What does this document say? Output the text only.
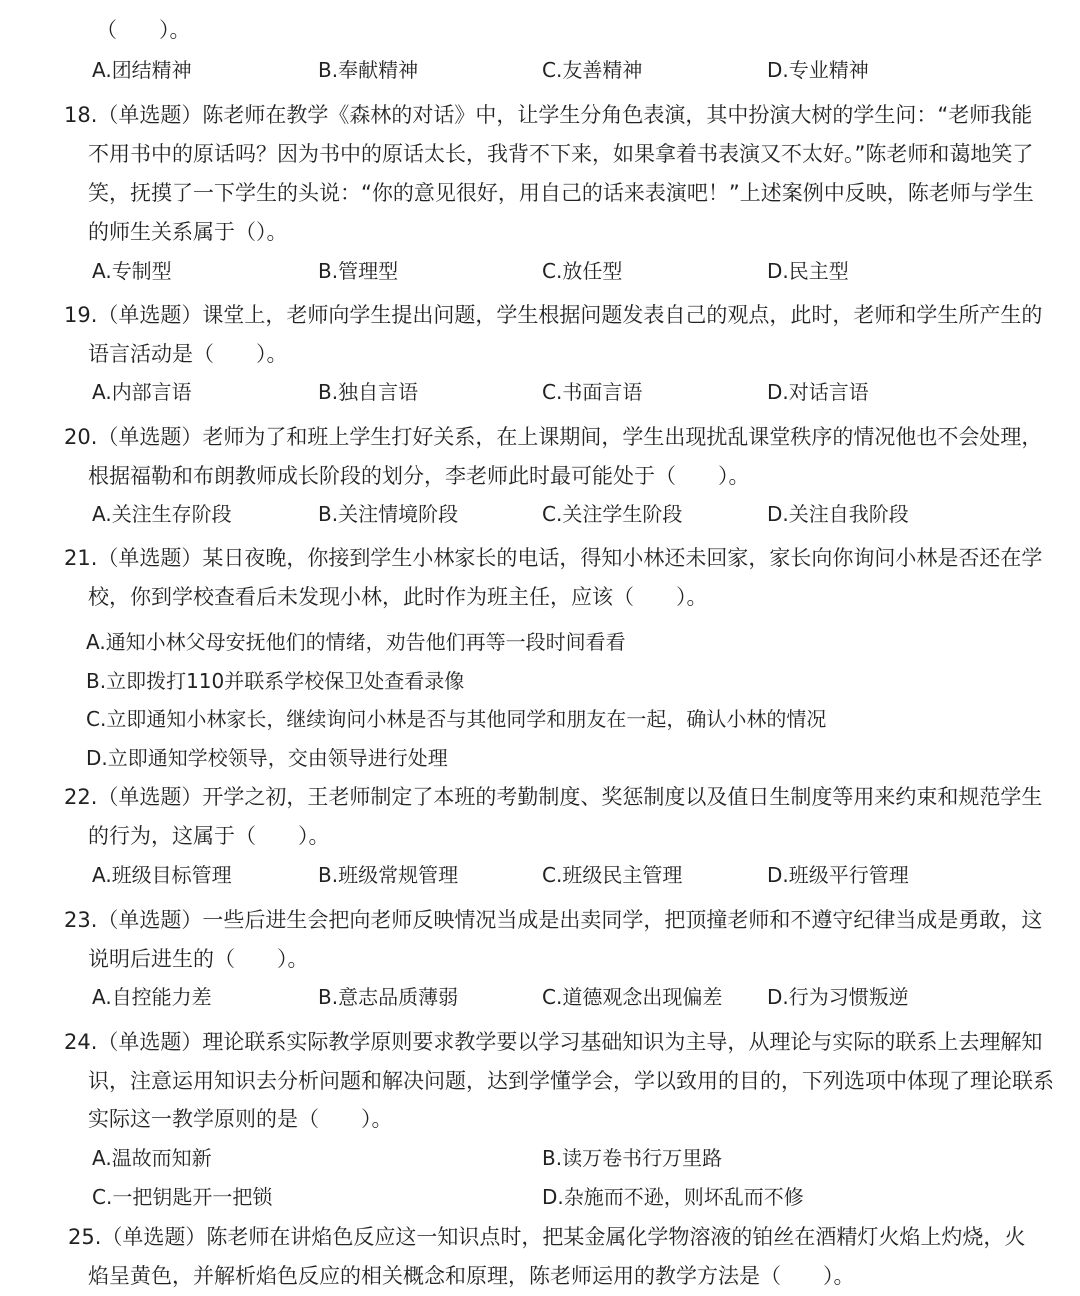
（　　）。
A.团结精神	B.奉献精神	C.友善精神	D.专业精神
18.（单选题）陈老师在教学《森林的对话》中，让学生分角色表演，其中扮演大树的学生问：“老师我能
不用书中的原话吗？因为书中的原话太长，我背不下来，如果拿着书表演又不太好。”陈老师和蔼地笑了
笑，抚摸了一下学生的头说：“你的意见很好，用自己的话来表演吧！”上述案例中反映，陈老师与学生
的师生关系属于（）。
A.专制型	B.管理型	C.放任型	D.民主型
19.（单选题）课堂上，老师向学生提出问题，学生根据问题发表自己的观点，此时，老师和学生所产生的
语言活动是（　　）。
A.内部言语	B.独自言语	C.书面言语	D.对话言语
20.（单选题）老师为了和班上学生打好关系，在上课期间，学生出现扰乱课堂秩序的情况他也不会处理，
根据福勒和布朗教师成长阶段的划分，李老师此时最可能处于（　　）。
A.关注生存阶段	B.关注情境阶段	C.关注学生阶段	D.关注自我阶段
21.（单选题）某日夜晚，你接到学生小林家长的电话，得知小林还未回家，家长向你询问小林是否还在学
校，你到学校查看后未发现小林，此时作为班主任，应该（　　）。
A.通知小林父母安抚他们的情绪，劝告他们再等一段时间看看
B.立即拨打110并联系学校保卫处查看录像
C.立即通知小林家长，继续询问小林是否与其他同学和朋友在一起，确认小林的情况
D.立即通知学校领导，交由领导进行处理
22.（单选题）开学之初，王老师制定了本班的考勤制度、奖惩制度以及值日生制度等用来约束和规范学生
的行为，这属于（　　）。
A.班级目标管理	B.班级常规管理	C.班级民主管理	D.班级平行管理
23.（单选题）一些后进生会把向老师反映情况当成是出卖同学，把顶撞老师和不遵守纪律当成是勇敢，这
说明后进生的（　　）。
A.自控能力差	B.意志品质薄弱	C.道德观念出现偏差 D.行为习惯叛逆
24.（单选题）理论联系实际教学原则要求教学要以学习基础知识为主导，从理论与实际的联系上去理解知
识，注意运用知识去分析问题和解决问题，达到学懂学会，学以致用的目的，下列选项中体现了理论联系
实际这一教学原则的是（　　）。
A.温故而知新	B.读万卷书行万里路
C.一把钥匙开一把锁	D.杂施而不逊，则坏乱而不修
25.（单选题）陈老师在讲焰色反应这一知识点时，把某金属化学物溶液的铂丝在酒精灯火焰上灼烧，火
焰呈黄色，并解析焰色反应的相关概念和原理，陈老师运用的教学方法是（　　）。
